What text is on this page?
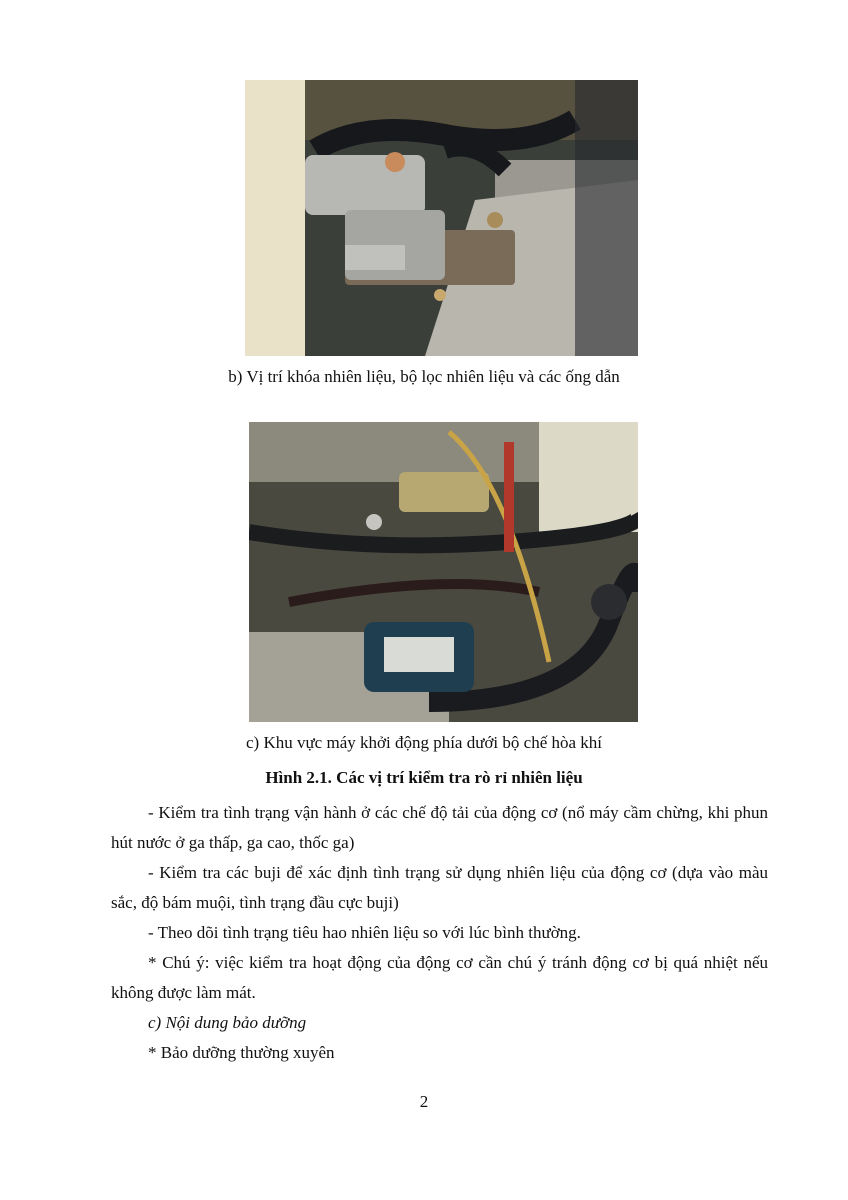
b) Vị trí khóa nhiên liệu, bộ lọc nhiên liệu và các ống dẫn
c) Khu vực máy khởi động phía dưới bộ chế hòa khí
Hình 2.1. Các vị trí kiểm tra rò rỉ nhiên liệu

- Kiểm tra tình trạng vận hành ở các chế độ tải của động cơ (nổ máy cầm chừng, khi phun hút nước ở ga thấp, ga cao, thốc ga)

- Kiểm tra các buji để xác định tình trạng sử dụng nhiên liệu của động cơ (dựa vào màu sắc, độ bám muội, tình trạng đầu cực buji)

- Theo dõi tình trạng tiêu hao nhiên liệu so với lúc bình thường.

* Chú ý: việc kiểm tra hoạt động của động cơ cần chú ý tránh động cơ bị quá nhiệt nếu không được làm mát.

c) Nội dung bảo dưỡng

* Bảo dưỡng thường xuyên

2
